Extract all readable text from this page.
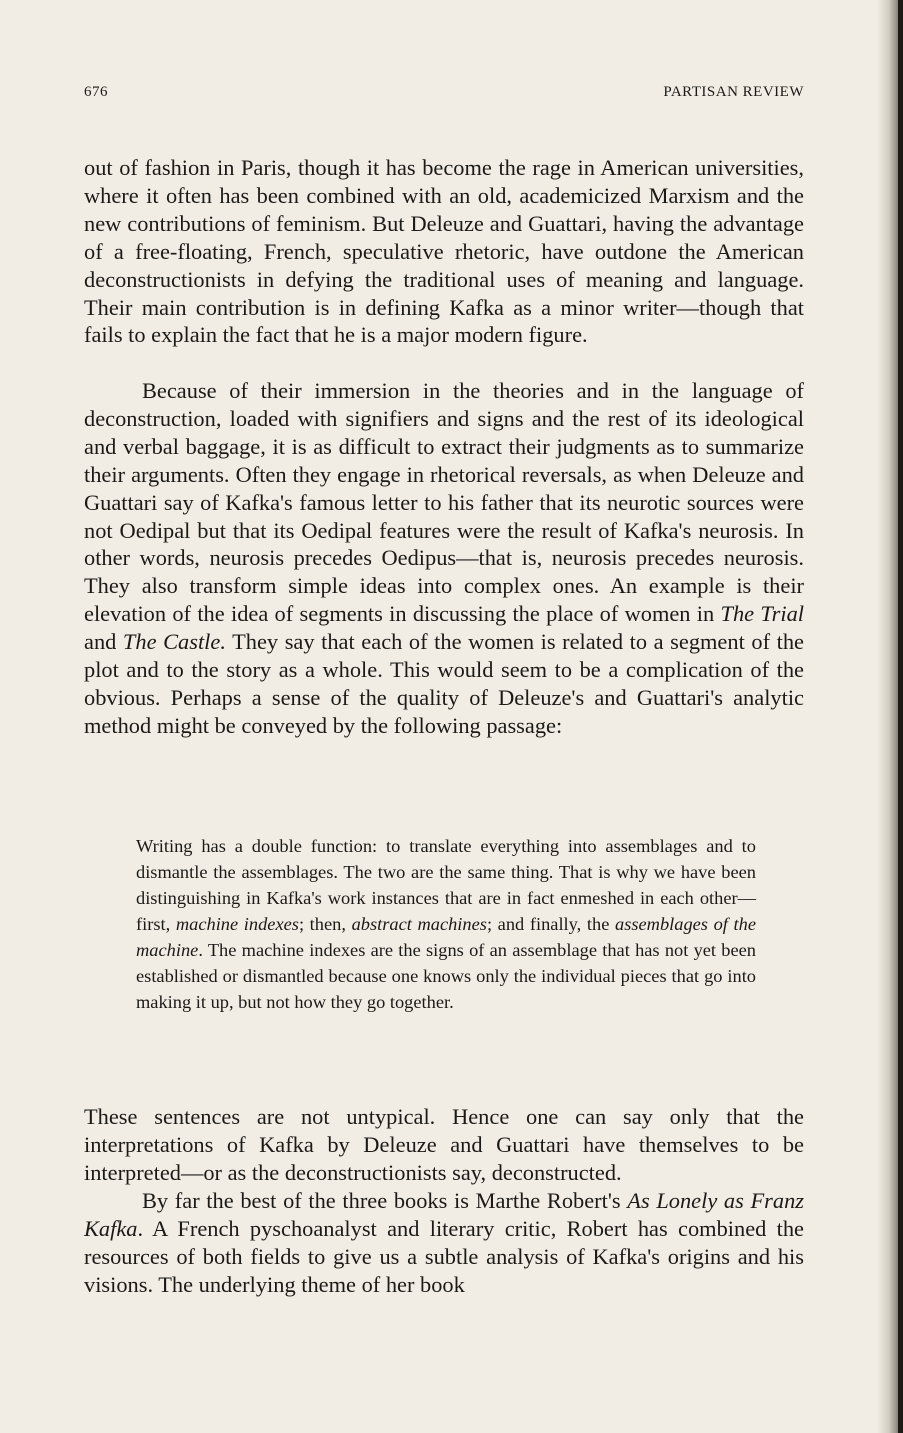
676	PARTISAN REVIEW

out of fashion in Paris, though it has become the rage in American universities, where it often has been combined with an old, academicized Marxism and the new contributions of feminism. But Deleuze and Guattari, having the advantage of a free-floating, French, speculative rhetoric, have outdone the American deconstructionists in defying the traditional uses of meaning and language. Their main contribution is in defining Kafka as a minor writer—though that fails to explain the fact that he is a major modern figure.

Because of their immersion in the theories and in the language of deconstruction, loaded with signifiers and signs and the rest of its ideological and verbal baggage, it is as difficult to extract their judgments as to summarize their arguments. Often they engage in rhetorical reversals, as when Deleuze and Guattari say of Kafka's famous letter to his father that its neurotic sources were not Oedipal but that its Oedipal features were the result of Kafka's neurosis. In other words, neurosis precedes Oedipus—that is, neurosis precedes neurosis. They also transform simple ideas into complex ones. An example is their elevation of the idea of segments in discussing the place of women in The Trial and The Castle. They say that each of the women is related to a segment of the plot and to the story as a whole. This would seem to be a complication of the obvious. Perhaps a sense of the quality of Deleuze's and Guattari's analytic method might be conveyed by the following passage:

Writing has a double function: to translate everything into assemblages and to dismantle the assemblages. The two are the same thing. That is why we have been distinguishing in Kafka's work instances that are in fact enmeshed in each other—first, machine indexes; then, abstract machines; and finally, the assemblages of the machine. The machine indexes are the signs of an assemblage that has not yet been established or dismantled because one knows only the individual pieces that go into making it up, but not how they go together.

These sentences are not untypical. Hence one can say only that the interpretations of Kafka by Deleuze and Guattari have themselves to be interpreted—or as the deconstructionists say, deconstructed.

By far the best of the three books is Marthe Robert's As Lonely as Franz Kafka. A French pyschoanalyst and literary critic, Robert has combined the resources of both fields to give us a subtle analysis of Kafka's origins and his visions. The underlying theme of her book
